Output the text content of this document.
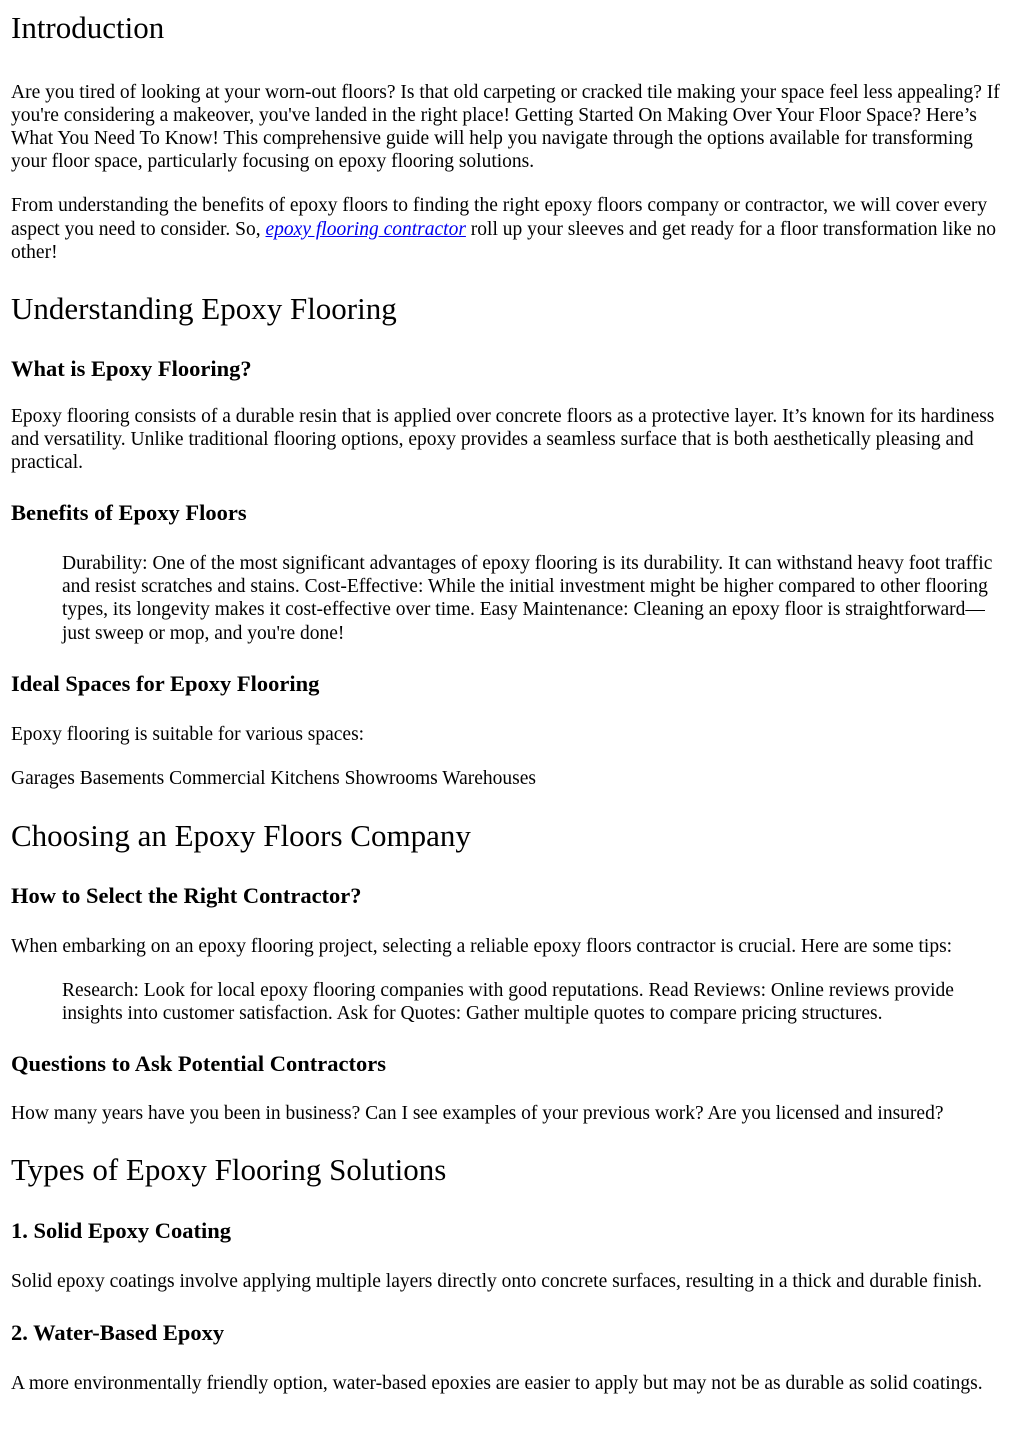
Introduction

Are you tired of looking at your worn-out floors? Is that old carpeting or cracked tile making your space feel less appealing? If you're considering a makeover, you've landed in the right place! Getting Started On Making Over Your Floor Space? Here’s What You Need To Know! This comprehensive guide will help you navigate through the options available for transforming your floor space, particularly focusing on epoxy flooring solutions.

From understanding the benefits of epoxy floors to finding the right epoxy floors company or contractor, we will cover every aspect you need to consider. So, epoxy flooring contractor roll up your sleeves and get ready for a floor transformation like no other!

Understanding Epoxy Flooring
What is Epoxy Flooring?

Epoxy flooring consists of a durable resin that is applied over concrete floors as a protective layer. It’s known for its hardiness and versatility. Unlike traditional flooring options, epoxy provides a seamless surface that is both aesthetically pleasing and practical.

Benefits of Epoxy Floors

Durability: One of the most significant advantages of epoxy flooring is its durability. It can withstand heavy foot traffic and resist scratches and stains. Cost-Effective: While the initial investment might be higher compared to other flooring types, its longevity makes it cost-effective over time. Easy Maintenance: Cleaning an epoxy floor is straightforward—just sweep or mop, and you're done!

Ideal Spaces for Epoxy Flooring

Epoxy flooring is suitable for various spaces:

Garages Basements Commercial Kitchens Showrooms Warehouses

Choosing an Epoxy Floors Company
How to Select the Right Contractor?

When embarking on an epoxy flooring project, selecting a reliable epoxy floors contractor is crucial. Here are some tips:

Research: Look for local epoxy flooring companies with good reputations. Read Reviews: Online reviews provide insights into customer satisfaction. Ask for Quotes: Gather multiple quotes to compare pricing structures.

Questions to Ask Potential Contractors

How many years have you been in business? Can I see examples of your previous work? Are you licensed and insured?

Types of Epoxy Flooring Solutions
1. Solid Epoxy Coating

Solid epoxy coatings involve applying multiple layers directly onto concrete surfaces, resulting in a thick and durable finish.

2. Water-Based Epoxy

A more environmentally friendly option, water-based epoxies are easier to apply but may not be as durable as solid coatings.
